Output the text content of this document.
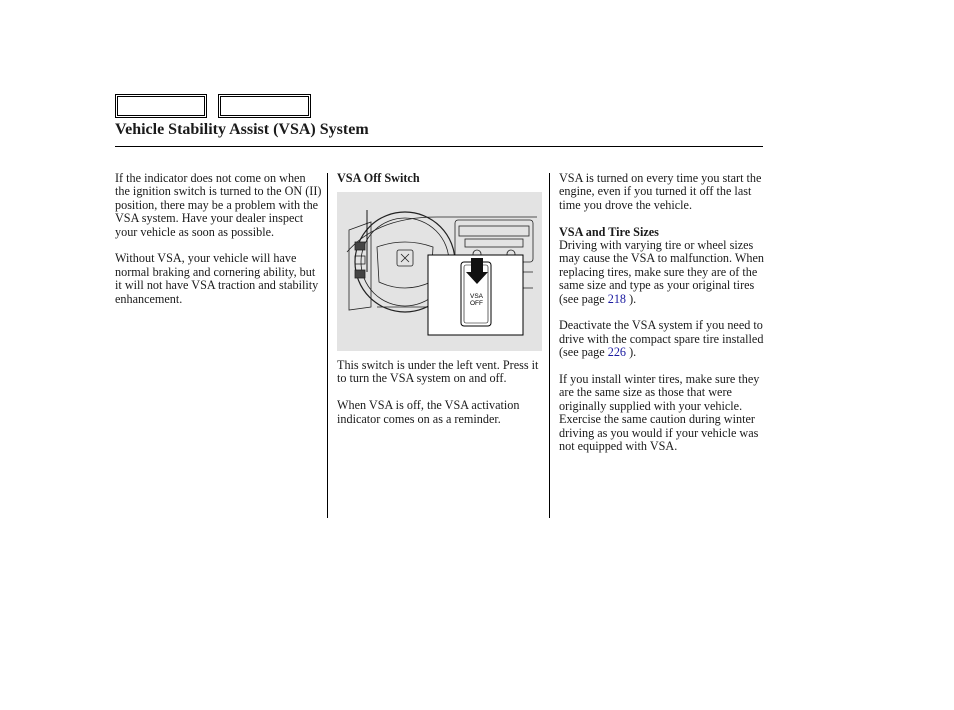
Vehicle Stability Assist (VSA) System

If the indicator does not come on when the ignition switch is turned to the ON (II) position, there may be a problem with the VSA system. Have your dealer inspect your vehicle as soon as possible.

Without VSA, your vehicle will have normal braking and cornering ability, but it will not have VSA traction and stability enhancement.

VSA Off Switch
VSA
OFF

This switch is under the left vent. Press it to turn the VSA system on and off.

When VSA is off, the VSA activation indicator comes on as a reminder.

VSA is turned on every time you start the engine, even if you turned it off the last time you drove the vehicle.

VSA and Tire Sizes

Driving with varying tire or wheel sizes may cause the VSA to malfunction. When replacing tires, make sure they are of the same size and type as your original tires (see page 218 ).

Deactivate the VSA system if you need to drive with the compact spare tire installed (see page 226 ).

If you install winter tires, make sure they are the same size as those that were originally supplied with your vehicle. Exercise the same caution during winter driving as you would if your vehicle was not equipped with VSA.
